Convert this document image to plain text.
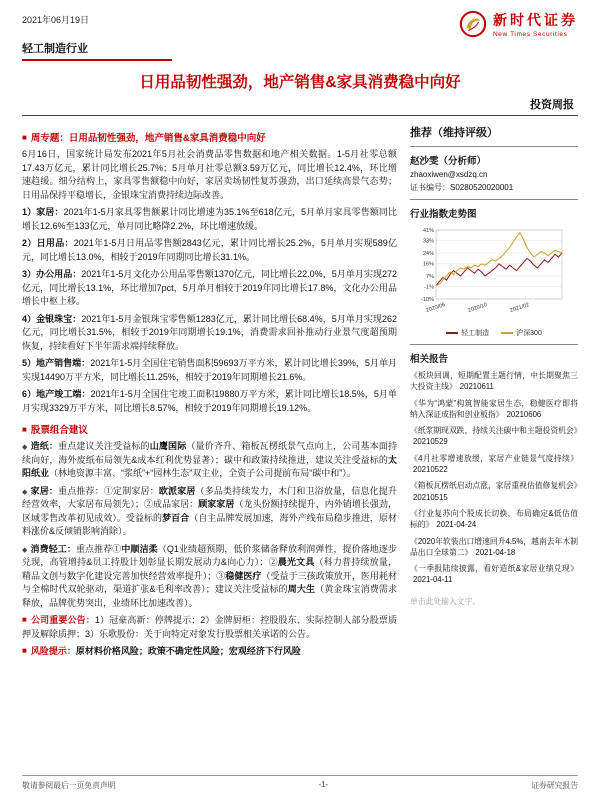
2021年06月19日	新时代证券
New Times Securities
轻工制造行业
日用品韧性强劲，地产销售&家具消费稳中向好
投资周报
■ 周专题：日用品韧性强劲，地产销售&家具消费稳中向好

6月16日，国家统计局发布2021年5月社会消费品零售数据和地产相关数据。1-5月社零总额17.43万亿元，累计同比增长25.7%；5月单月社零总额3.59万亿元，同比增长12.4%，环比增速趋缓。细分结构上，家具零售额稳中向好，家居卖场韧性复苏强劲，出口延续高景气态势；日用品保持平稳增长，金银珠宝消费持续边际改善。

1）家居：2021年1-5月家具零售额累计同比增速为35.1%至618亿元，5月单月家具零售额同比增长12.6%至133亿元，单月同比略降2.2%，环比增速放缓。

2）日用品：2021年1-5月日用品零售额2843亿元，累计同比增长25.2%，5月单月实现589亿元，同比增长13.0%，相较于2019年同期同比增长31.1%。

3）办公用品：2021年1-5月文化办公用品零售额1370亿元，同比增长22.0%，5月单月实现272亿元，同比增长13.1%，环比增加7pct，5月单月相较于2019年同比增长17.8%，文化办公用品增长中枢上移。

4）金银珠宝：2021年1-5月金银珠宝零售额1283亿元，累计同比增长68.4%，5月单月实现262亿元，同比增长31.5%，相较于2019年同期增长19.1%，消费需求回补推动行业景气度超预期恢复，持续看好下半年需求端持续释放。

5）地产销售端：2021年1-5月全国住宅销售面积59693万平方米，累计同比增长39%，5月单月实现14490万平方米，同比增长11.25%，相较于2019年同期增长21.6%。

6）地产竣工端：2021年1-5月全国住宅竣工面积19880万平方米，累计同比增长18.5%，5月单月实现3329万平方米，同比增长8.57%，相较于2019年同期增长19.12%。

■ 股票组合建议

◆ 造纸：重点建议关注受益标的山鹰国际（量价齐升、箱板瓦楞纸景气点向上，公司基本面持续向好，海外废纸布局领先&成本红利优势显著）；碳中和政策持续推进，建议关注受益标的太阳纸业（林地资源丰富、“浆纸”+“园林生态”双主业，全资子公司提前布局“碳中和”）。

◆ 家居：重点推荐：①定制家居：欧派家居（多品类持续发力，木门和卫浴放量，信息化提升经营效率，大家居布局领先）；②成品家居：顾家家居（龙头份额持续提升，内外销增长强劲，区域零售改革初见成效）。受益标的梦百合（自主品牌发展加速，海外产线布局稳步推进，原材料涨价&反倾销影响消除）。

◆ 消费轻工：重点推荐①中顺洁柔（Q1业绩超预期，低价浆储备释放利润弹性，提价落地逐步兑现，高管增持&员工持股计划彰显长期发展动力&向心力）；②晨光文具（科力普持续放量，精品文创与数字化建设完善加快经营效率提升）；③稳健医疗（受益于三孩政策放开，医用耗材与全棉时代双轮驱动，渠道扩张&毛利率改善）；建议关注受益标的周大生（黄金珠宝消费需求释放，品牌优势突出，业绩环比加速改善）。

■ 公司重要公告：1）冠豪高新：停牌提示；2）金牌厨柜：控股股东、实际控制人部分股票质押及解除质押；3）乐歌股份：关于向特定对象发行股票相关承诺的公告。

■ 风险提示：原材料价格风险；政策不确定性风险；宏观经济下行风险

推荐（维持评级）
赵沙雯（分析师）
zhaoxiwen@xsdzq.cn
证书编号：S0280520020001
行业指数走势图
41%
33%
24%
16%
7%
-1%
-10%
2020/06	2020/10	2021/02
轻工制造	沪深300
相关报告

《板块回调，短期配置主题行情，中长期聚焦三大投资主线》 20210611

《华为“鸿蒙”构筑智能家居生态，稳健医疗即将纳入深证成指和创业板指》 20210606

《纸浆期现双跌，持续关注碳中和主题投资机会》20210529

《4月社零增速放缓，家居产业链景气度持续》20210522

《箱板瓦楞纸启动点涨，家居重视估值修复机会》20210515

《行业复苏向个股成长切换，布局确定&低估值标的》 2021-04-24

《2020年软装出口增速回升4.5%，越南去年木制品出口全球第二》 2021-04-18

《一季报陆续披露，看好造纸&家居业绩兑现》2021-04-11

单击此处输入文字。
敬请参阅最后一页免责声明	-1-	证券研究报告
